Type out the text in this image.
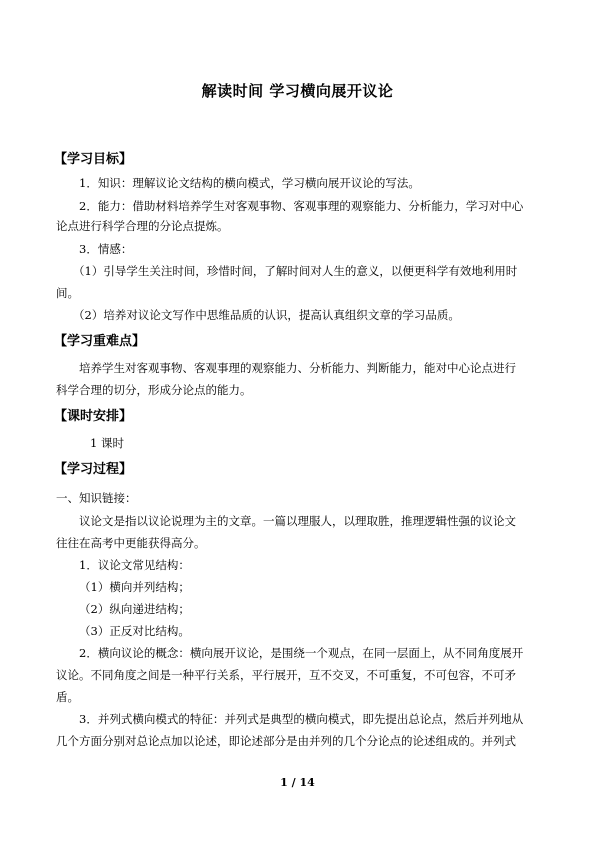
解读时间 学习横向展开议论
【学习目标】
1．知识：理解议论文结构的横向模式，学习横向展开议论的写法。
2．能力：借助材料培养学生对客观事物、客观事理的观察能力、分析能力，学习对中心
论点进行科学合理的分论点提炼。
3．情感：
（1）引导学生关注时间，珍惜时间，了解时间对人生的意义，以便更科学有效地利用时
间。
（2）培养对议论文写作中思维品质的认识，提高认真组织文章的学习品质。
【学习重难点】
培养学生对客观事物、客观事理的观察能力、分析能力、判断能力，能对中心论点进行
科学合理的切分，形成分论点的能力。
【课时安排】
1 课时
【学习过程】
一、知识链接：
议论文是指以议论说理为主的文章。一篇以理服人，以理取胜，推理逻辑性强的议论文
往往在高考中更能获得高分。
1．议论文常见结构：
（1）横向并列结构；
（2）纵向递进结构；
（3）正反对比结构。
2．横向议论的概念：横向展开议论，是围绕一个观点，在同一层面上，从不同角度展开
议论。不同角度之间是一种平行关系，平行展开，互不交叉，不可重复，不可包容，不可矛
盾。
3．并列式横向模式的特征：并列式是典型的横向模式，即先提出总论点，然后并列地从
几个方面分别对总论点加以论述，即论述部分是由并列的几个分论点的论述组成的。并列式
1 / 14
